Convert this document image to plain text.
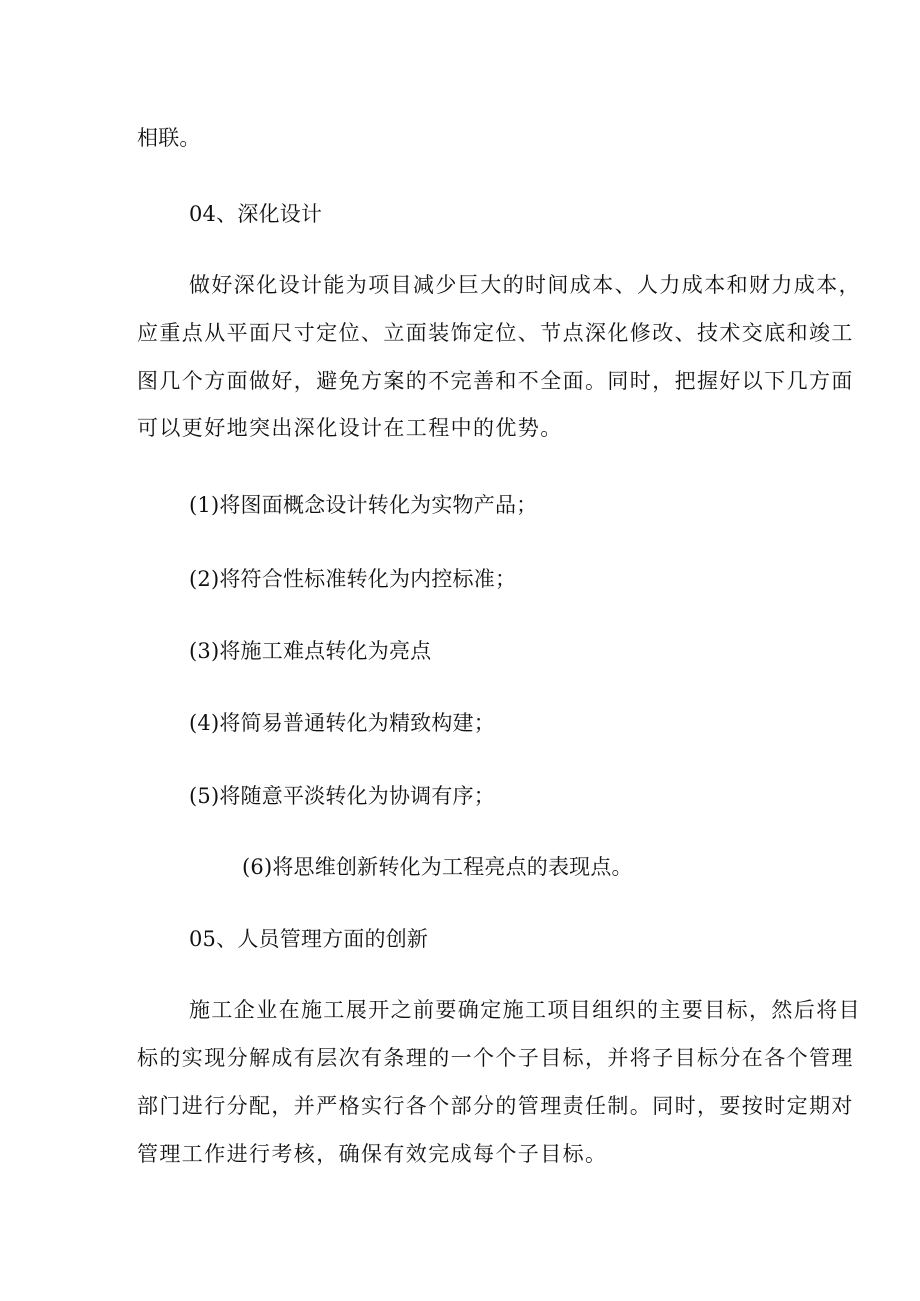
相联。
04、深化设计
做好深化设计能为项目减少巨大的时间成本、人力成本和财力成本，
应重点从平面尺寸定位、立面装饰定位、节点深化修改、技术交底和竣工
图几个方面做好，避免方案的不完善和不全面。同时，把握好以下几方面
可以更好地突出深化设计在工程中的优势。
(1)将图面概念设计转化为实物产品；
(2)将符合性标准转化为内控标准；
(3)将施工难点转化为亮点
(4)将简易普通转化为精致构建；
(5)将随意平淡转化为协调有序；
(6)将思维创新转化为工程亮点的表现点。
05、人员管理方面的创新
施工企业在施工展开之前要确定施工项目组织的主要目标，然后将目
标的实现分解成有层次有条理的一个个子目标，并将子目标分在各个管理
部门进行分配，并严格实行各个部分的管理责任制。同时，要按时定期对
管理工作进行考核，确保有效完成每个子目标。
